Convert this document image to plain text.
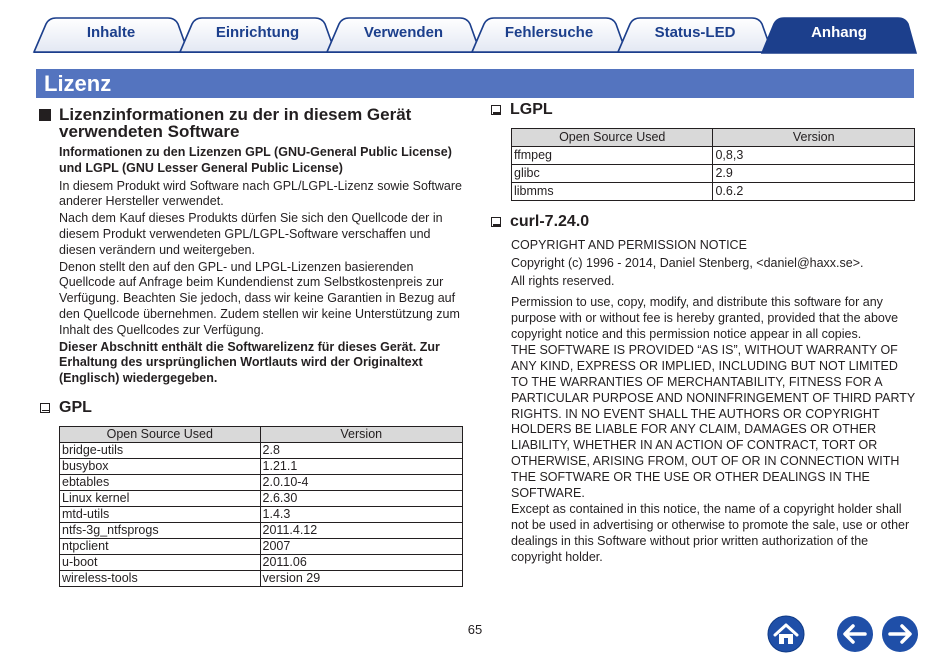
Inhalte	Einrichtung	Verwenden	Fehlersuche	Status-LED	Anhang
Lizenz
Lizenzinformationen zu der in diesem Gerät
verwendeten Software
Informationen zu den Lizenzen GPL (GNU-General Public License) und LGPL (GNU Lesser General Public License)
In diesem Produkt wird Software nach GPL/LGPL-Lizenz sowie Software anderer Hersteller verwendet.
Nach dem Kauf dieses Produkts dürfen Sie sich den Quellcode der in diesem Produkt verwendeten GPL/LGPL-Software verschaffen und diesen verändern und weitergeben.
Denon stellt den auf den GPL- und LPGL-Lizenzen basierenden Quellcode auf Anfrage beim Kundendienst zum Selbstkostenpreis zur Verfügung. Beachten Sie jedoch, dass wir keine Garantien in Bezug auf den Quellcode übernehmen. Zudem stellen wir keine Unterstützung zum Inhalt des Quellcodes zur Verfügung.
Dieser Abschnitt enthält die Softwarelizenz für dieses Gerät. Zur Erhaltung des ursprünglichen Wortlauts wird der Originaltext (Englisch) wiedergegeben.
GPL
Open Source Used	Version
bridge-utils	2.8
busybox	1.21.1
ebtables	2.0.10-4
Linux kernel	2.6.30
mtd-utils	1.4.3
ntfs-3g_ntfsprogs	2011.4.12
ntpclient	2007
u-boot	2011.06
wireless-tools	version 29
LGPL
Open Source Used	Version
ffmpeg	0,8,3
glibc	2.9
libmms	0.6.2
curl-7.24.0
COPYRIGHT AND PERMISSION NOTICE
Copyright (c) 1996 - 2014, Daniel Stenberg, <daniel@haxx.se>.
All rights reserved.
Permission to use, copy, modify, and distribute this software for any purpose with or without fee is hereby granted, provided that the above copyright notice and this permission notice appear in all copies.
THE SOFTWARE IS PROVIDED “AS IS”, WITHOUT WARRANTY OF ANY KIND, EXPRESS OR IMPLIED, INCLUDING BUT NOT LIMITED TO THE WARRANTIES OF MERCHANTABILITY, FITNESS FOR A PARTICULAR PURPOSE AND NONINFRINGEMENT OF THIRD PARTY RIGHTS. IN NO EVENT SHALL THE AUTHORS OR COPYRIGHT HOLDERS BE LIABLE FOR ANY CLAIM, DAMAGES OR OTHER LIABILITY, WHETHER IN AN ACTION OF CONTRACT, TORT OR OTHERWISE, ARISING FROM, OUT OF OR IN CONNECTION WITH THE SOFTWARE OR THE USE OR OTHER DEALINGS IN THE SOFTWARE.
Except as contained in this notice, the name of a copyright holder shall not be used in advertising or otherwise to promote the sale, use or other dealings in this Software without prior written authorization of the copyright holder.
65
